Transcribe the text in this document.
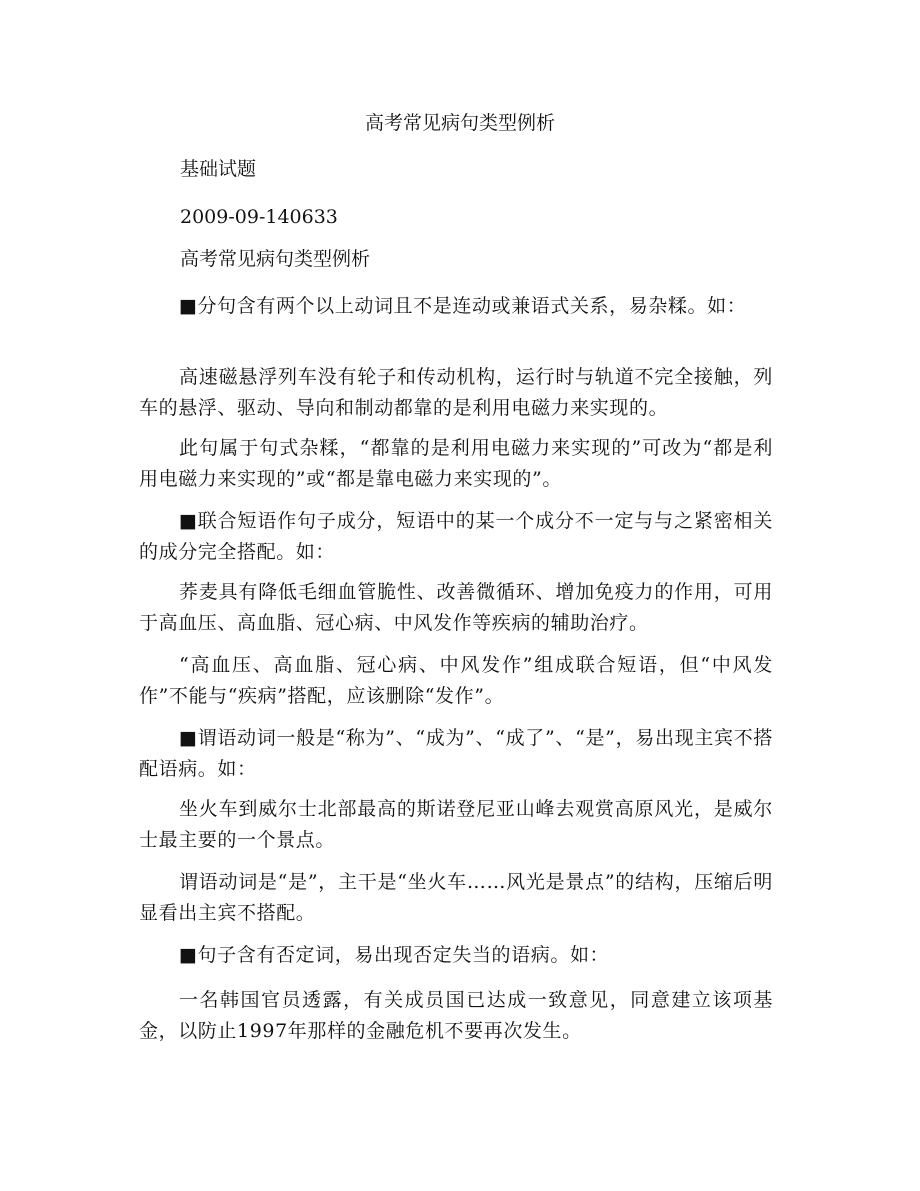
高考常见病句类型例析
基础试题
2009-09-140633
高考常见病句类型例析
■分句含有两个以上动词且不是连动或兼语式关系，易杂糅。如：
高速磁悬浮列车没有轮子和传动机构，运行时与轨道不完全接触，列车的悬浮、驱动、导向和制动都靠的是利用电磁力来实现的。
此句属于句式杂糅，“都靠的是利用电磁力来实现的”可改为“都是利用电磁力来实现的”或“都是靠电磁力来实现的”。
■联合短语作句子成分，短语中的某一个成分不一定与与之紧密相关的成分完全搭配。如：
荞麦具有降低毛细血管脆性、改善微循环、增加免疫力的作用，可用于高血压、高血脂、冠心病、中风发作等疾病的辅助治疗。
“高血压、高血脂、冠心病、中风发作”组成联合短语，但“中风发作”不能与“疾病”搭配，应该删除“发作”。
■谓语动词一般是“称为”、“成为”、“成了”、“是”，易出现主宾不搭配语病。如：
坐火车到威尔士北部最高的斯诺登尼亚山峰去观赏高原风光，是威尔士最主要的一个景点。
谓语动词是“是”，主干是“坐火车……风光是景点”的结构，压缩后明显看出主宾不搭配。
■句子含有否定词，易出现否定失当的语病。如：
一名韩国官员透露，有关成员国已达成一致意见，同意建立该项基金，以防止1997年那样的金融危机不要再次发生。
